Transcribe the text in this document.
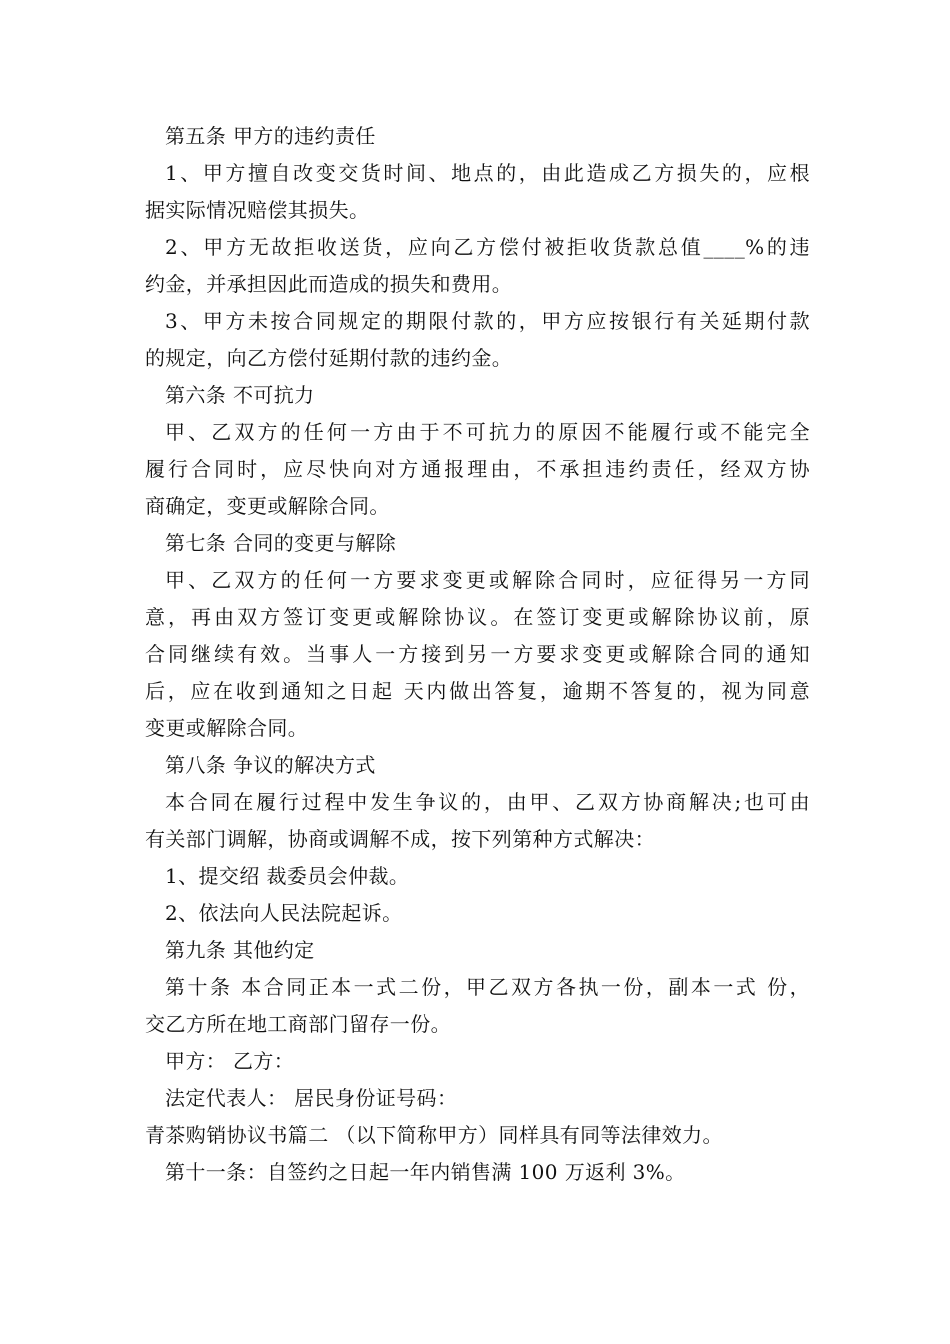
第五条 甲方的违约责任
1、甲方擅自改变交货时间、地点的，由此造成乙方损失的，应根
据实际情况赔偿其损失。
2、甲方无故拒收送货，应向乙方偿付被拒收货款总值____%的违
约金，并承担因此而造成的损失和费用。
3、甲方未按合同规定的期限付款的，甲方应按银行有关延期付款
的规定，向乙方偿付延期付款的违约金。
第六条 不可抗力
甲、乙双方的任何一方由于不可抗力的原因不能履行或不能完全
履行合同时，应尽快向对方通报理由，不承担违约责任，经双方协
商确定，变更或解除合同。
第七条 合同的变更与解除
甲、乙双方的任何一方要求变更或解除合同时，应征得另一方同
意，再由双方签订变更或解除协议。在签订变更或解除协议前，原
合同继续有效。当事人一方接到另一方要求变更或解除合同的通知
后，应在收到通知之日起 天内做出答复，逾期不答复的，视为同意
变更或解除合同。
第八条 争议的解决方式
本合同在履行过程中发生争议的，由甲、乙双方协商解决;也可由
有关部门调解，协商或调解不成，按下列第种方式解决：
1、提交绍 裁委员会仲裁。
2、依法向人民法院起诉。
第九条 其他约定
第十条 本合同正本一式二份，甲乙双方各执一份，副本一式 份，
交乙方所在地工商部门留存一份。
甲方： 乙方：
法定代表人： 居民身份证号码：
青茶购销协议书篇二 （以下简称甲方）同样具有同等法律效力。
第十一条：自签约之日起一年内销售满 100 万返利 3%。
